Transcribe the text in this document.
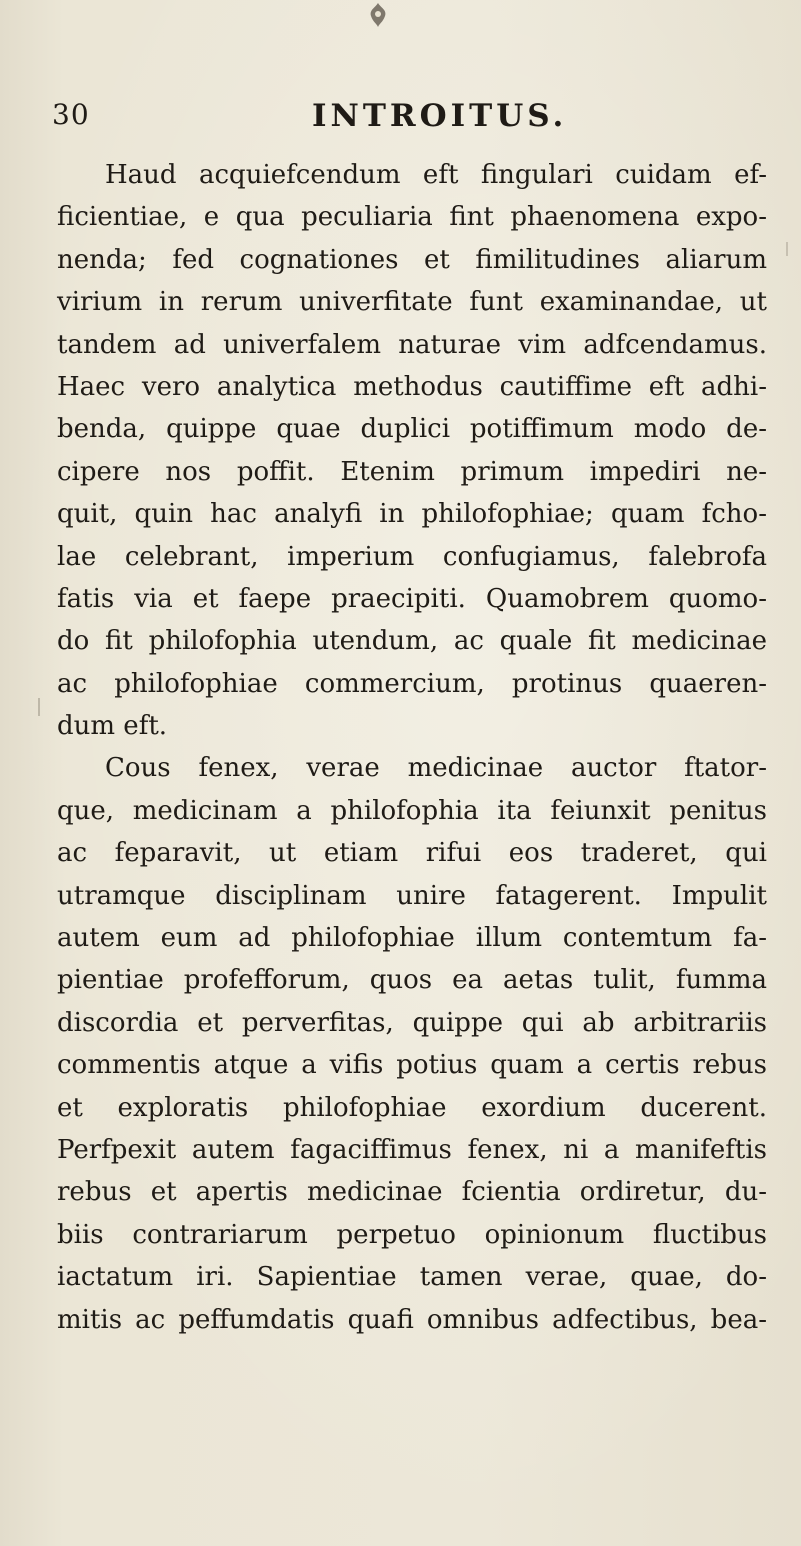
30	INTROITUS.
Haud acquiefcendum eft fingulari cuidam ef-
ficientiae, e qua peculiaria fint phaenomena expo-
nenda; fed cognationes et fimilitudines aliarum
virium in rerum univerfitate funt examinandae, ut
tandem ad univerfalem naturae vim adfcendamus.
Haec vero analytica methodus cautiffime eft adhi-
benda, quippe quae duplici potiffimum modo de-
cipere nos poffit. Etenim primum impediri ne-
quit, quin hac analyfi in philofophiae; quam fcho-
lae celebrant, imperium confugiamus, falebrofa
fatis via et faepe praecipiti. Quamobrem quomo-
do fit philofophia utendum, ac quale fit medicinae
ac philofophiae commercium, protinus quaeren-
dum eft.
Cous fenex, verae medicinae auctor ftator-
que, medicinam a philofophia ita feiunxit penitus
ac feparavit, ut etiam rifui eos traderet, qui
utramque disciplinam unire fatagerent. Impulit
autem eum ad philofophiae illum contemtum fa-
pientiae profefforum, quos ea aetas tulit, fumma
discordia et perverfitas, quippe qui ab arbitrariis
commentis atque a vifis potius quam a certis rebus
et exploratis philofophiae exordium ducerent.
Perfpexit autem fagaciffimus fenex, ni a manifeftis
rebus et apertis medicinae fcientia ordiretur, du-
biis contrariarum perpetuo opinionum fluctibus
iactatum iri. Sapientiae tamen verae, quae, do-
mitis ac peffumdatis quafi omnibus adfectibus, bea-
